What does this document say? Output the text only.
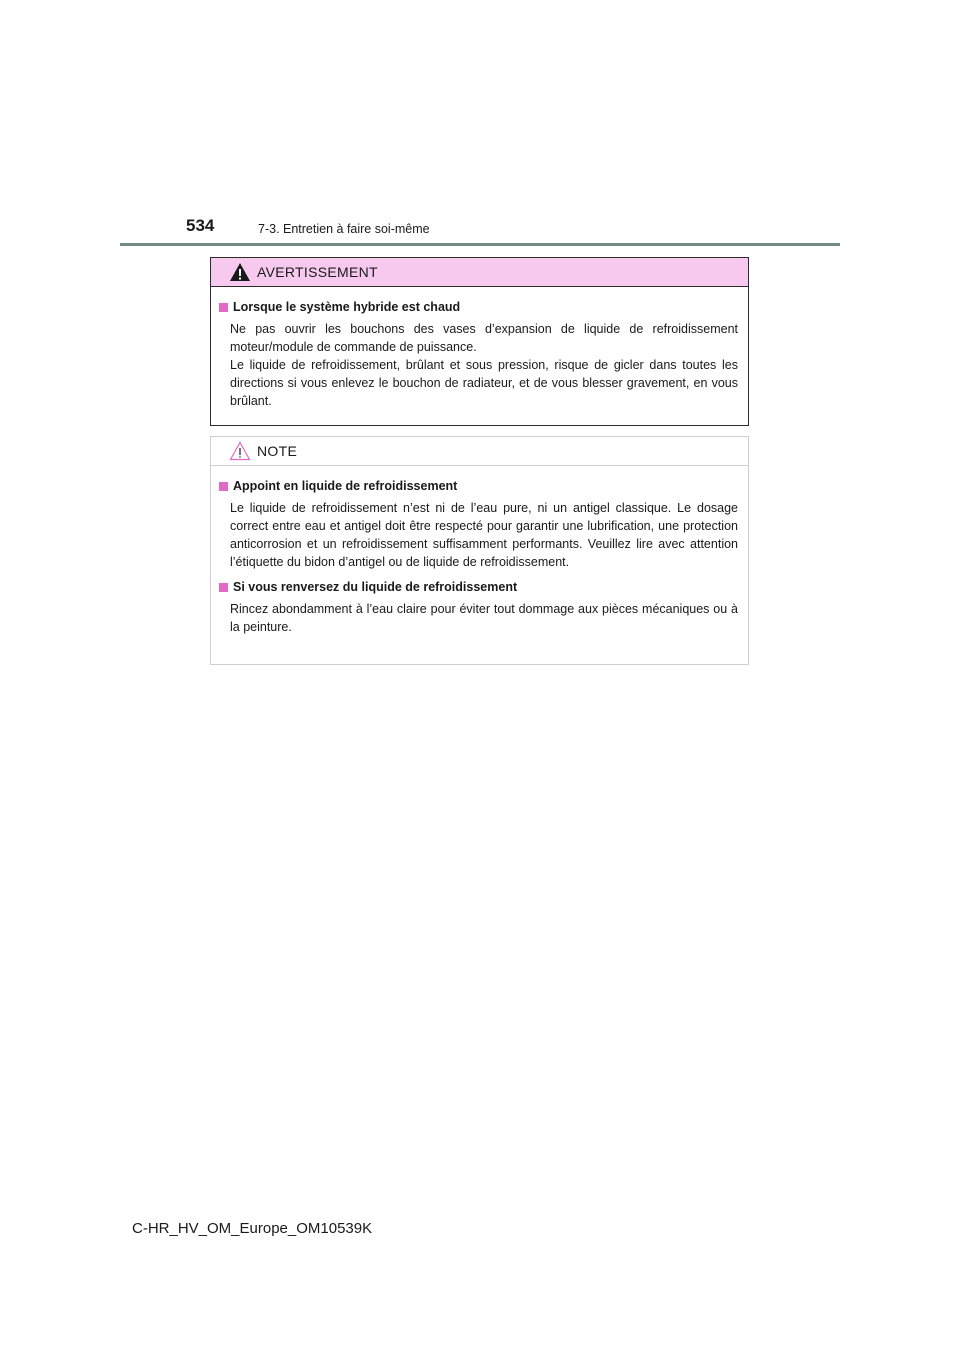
534	7-3. Entretien à faire soi-même
AVERTISSEMENT
Lorsque le système hybride est chaud
Ne pas ouvrir les bouchons des vases d’expansion de liquide de refroidissement moteur/module de commande de puissance.
Le liquide de refroidissement, brûlant et sous pression, risque de gicler dans toutes les directions si vous enlevez le bouchon de radiateur, et de vous blesser gravement, en vous brûlant.
NOTE
Appoint en liquide de refroidissement
Le liquide de refroidissement n’est ni de l’eau pure, ni un antigel classique. Le dosage correct entre eau et antigel doit être respecté pour garantir une lubrification, une protection anticorrosion et un refroidissement suffisamment performants. Veuillez lire avec attention l’étiquette du bidon d’antigel ou de liquide de refroidissement.
Si vous renversez du liquide de refroidissement
Rincez abondamment à l’eau claire pour éviter tout dommage aux pièces mécaniques ou à la peinture.
C-HR_HV_OM_Europe_OM10539K
